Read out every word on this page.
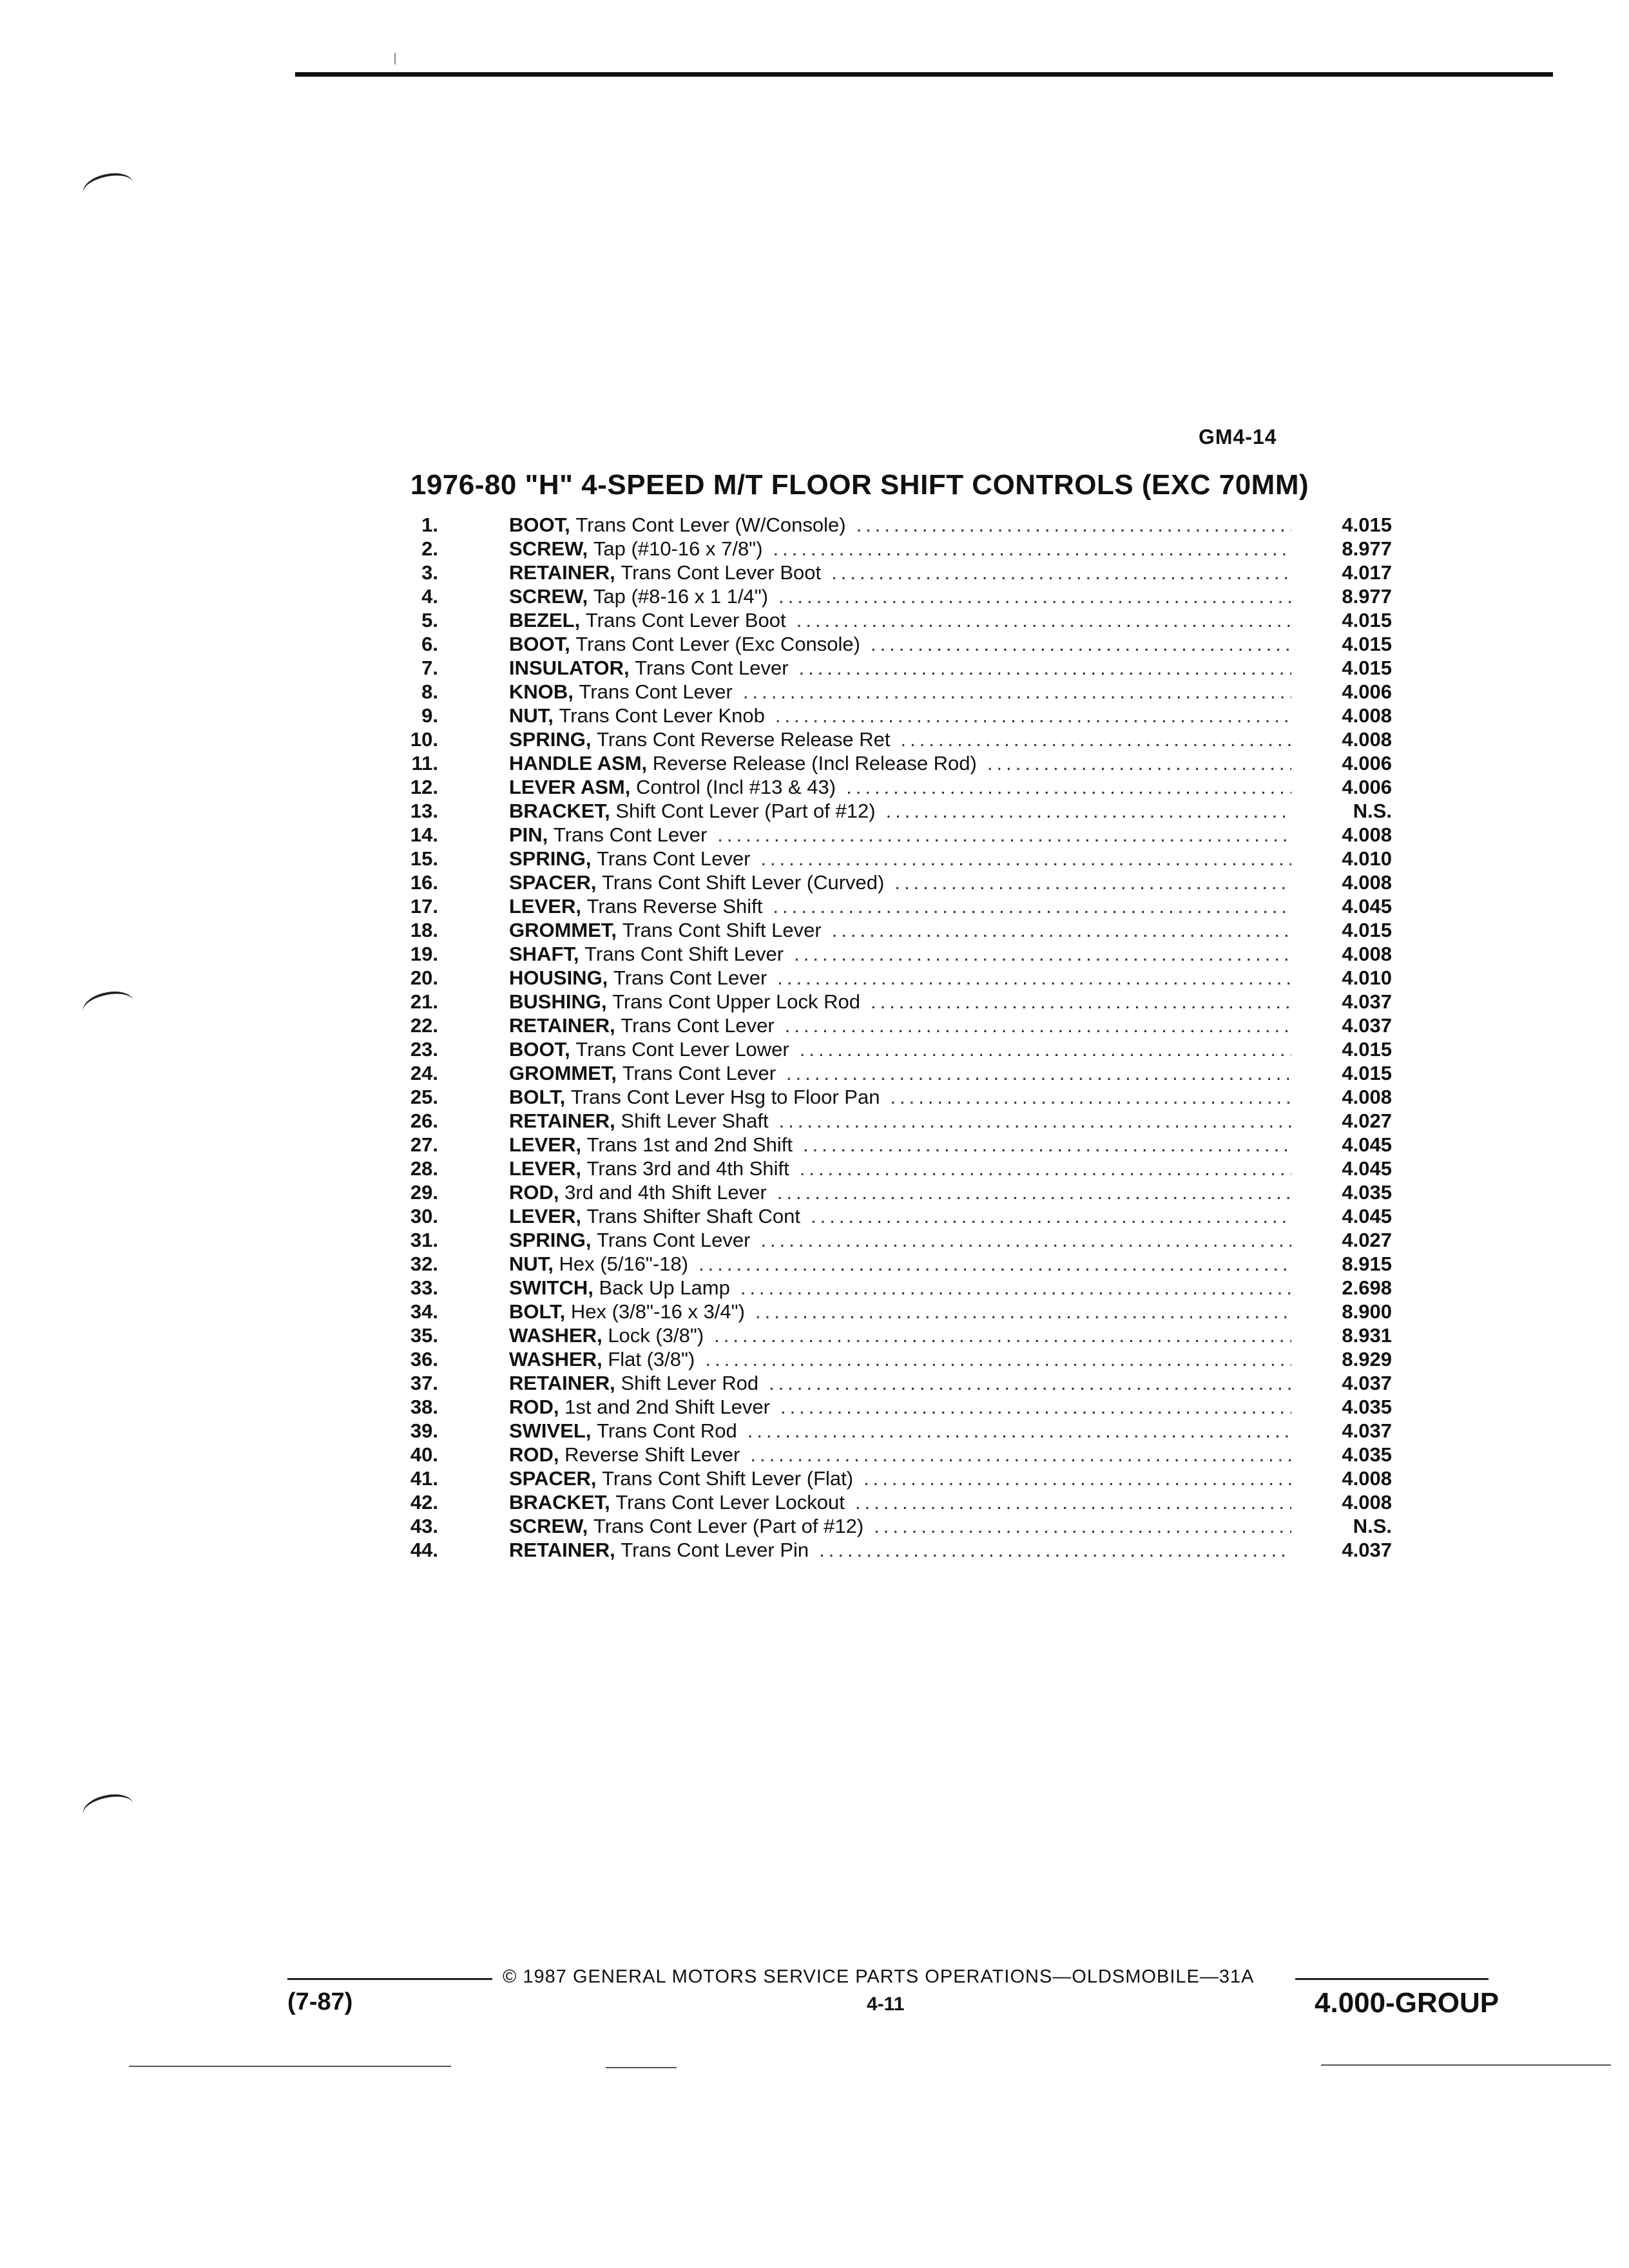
GM4-14
1976-80 "H" 4-SPEED M/T FLOOR SHIFT CONTROLS (EXC 70MM)
1.	BOOT, Trans Cont Lever (W/Console) .....	4.015
2.	SCREW, Tap (#10-16 x 7/8") .....	8.977
3.	RETAINER, Trans Cont Lever Boot .....	4.017
4.	SCREW, Tap (#8-16 x 1 1/4") .....	8.977
5.	BEZEL, Trans Cont Lever Boot .....	4.015
6.	BOOT, Trans Cont Lever (Exc Console) .....	4.015
7.	INSULATOR, Trans Cont Lever .....	4.015
8.	KNOB, Trans Cont Lever .....	4.006
9.	NUT, Trans Cont Lever Knob .....	4.008
10.	SPRING, Trans Cont Reverse Release Ret .....	4.008
11.	HANDLE ASM, Reverse Release (Incl Release Rod) .....	4.006
12.	LEVER ASM, Control (Incl #13 & 43) .....	4.006
13.	BRACKET, Shift Cont Lever (Part of #12) .....	N.S.
14.	PIN, Trans Cont Lever .....	4.008
15.	SPRING, Trans Cont Lever .....	4.010
16.	SPACER, Trans Cont Shift Lever (Curved) .....	4.008
17.	LEVER, Trans Reverse Shift .....	4.045
18.	GROMMET, Trans Cont Shift Lever .....	4.015
19.	SHAFT, Trans Cont Shift Lever .....	4.008
20.	HOUSING, Trans Cont Lever .....	4.010
21.	BUSHING, Trans Cont Upper Lock Rod .....	4.037
22.	RETAINER, Trans Cont Lever .....	4.037
23.	BOOT, Trans Cont Lever Lower .....	4.015
24.	GROMMET, Trans Cont Lever .....	4.015
25.	BOLT, Trans Cont Lever Hsg to Floor Pan .....	4.008
26.	RETAINER, Shift Lever Shaft .....	4.027
27.	LEVER, Trans 1st and 2nd Shift .....	4.045
28.	LEVER, Trans 3rd and 4th Shift .....	4.045
29.	ROD, 3rd and 4th Shift Lever .....	4.035
30.	LEVER, Trans Shifter Shaft Cont .....	4.045
31.	SPRING, Trans Cont Lever .....	4.027
32.	NUT, Hex (5/16"-18) .....	8.915
33.	SWITCH, Back Up Lamp .....	2.698
34.	BOLT, Hex (3/8"-16 x 3/4") .....	8.900
35.	WASHER, Lock (3/8") .....	8.931
36.	WASHER, Flat (3/8") .....	8.929
37.	RETAINER, Shift Lever Rod .....	4.037
38.	ROD, 1st and 2nd Shift Lever .....	4.035
39.	SWIVEL, Trans Cont Rod .....	4.037
40.	ROD, Reverse Shift Lever .....	4.035
41.	SPACER, Trans Cont Shift Lever (Flat) .....	4.008
42.	BRACKET, Trans Cont Lever Lockout .....	4.008
43.	SCREW, Trans Cont Lever (Part of #12) .....	N.S.
44.	RETAINER, Trans Cont Lever Pin .....	4.037
© 1987 GENERAL MOTORS SERVICE PARTS OPERATIONS—OLDSMOBILE—31A
(7-87)	4-11	4.000-GROUP
